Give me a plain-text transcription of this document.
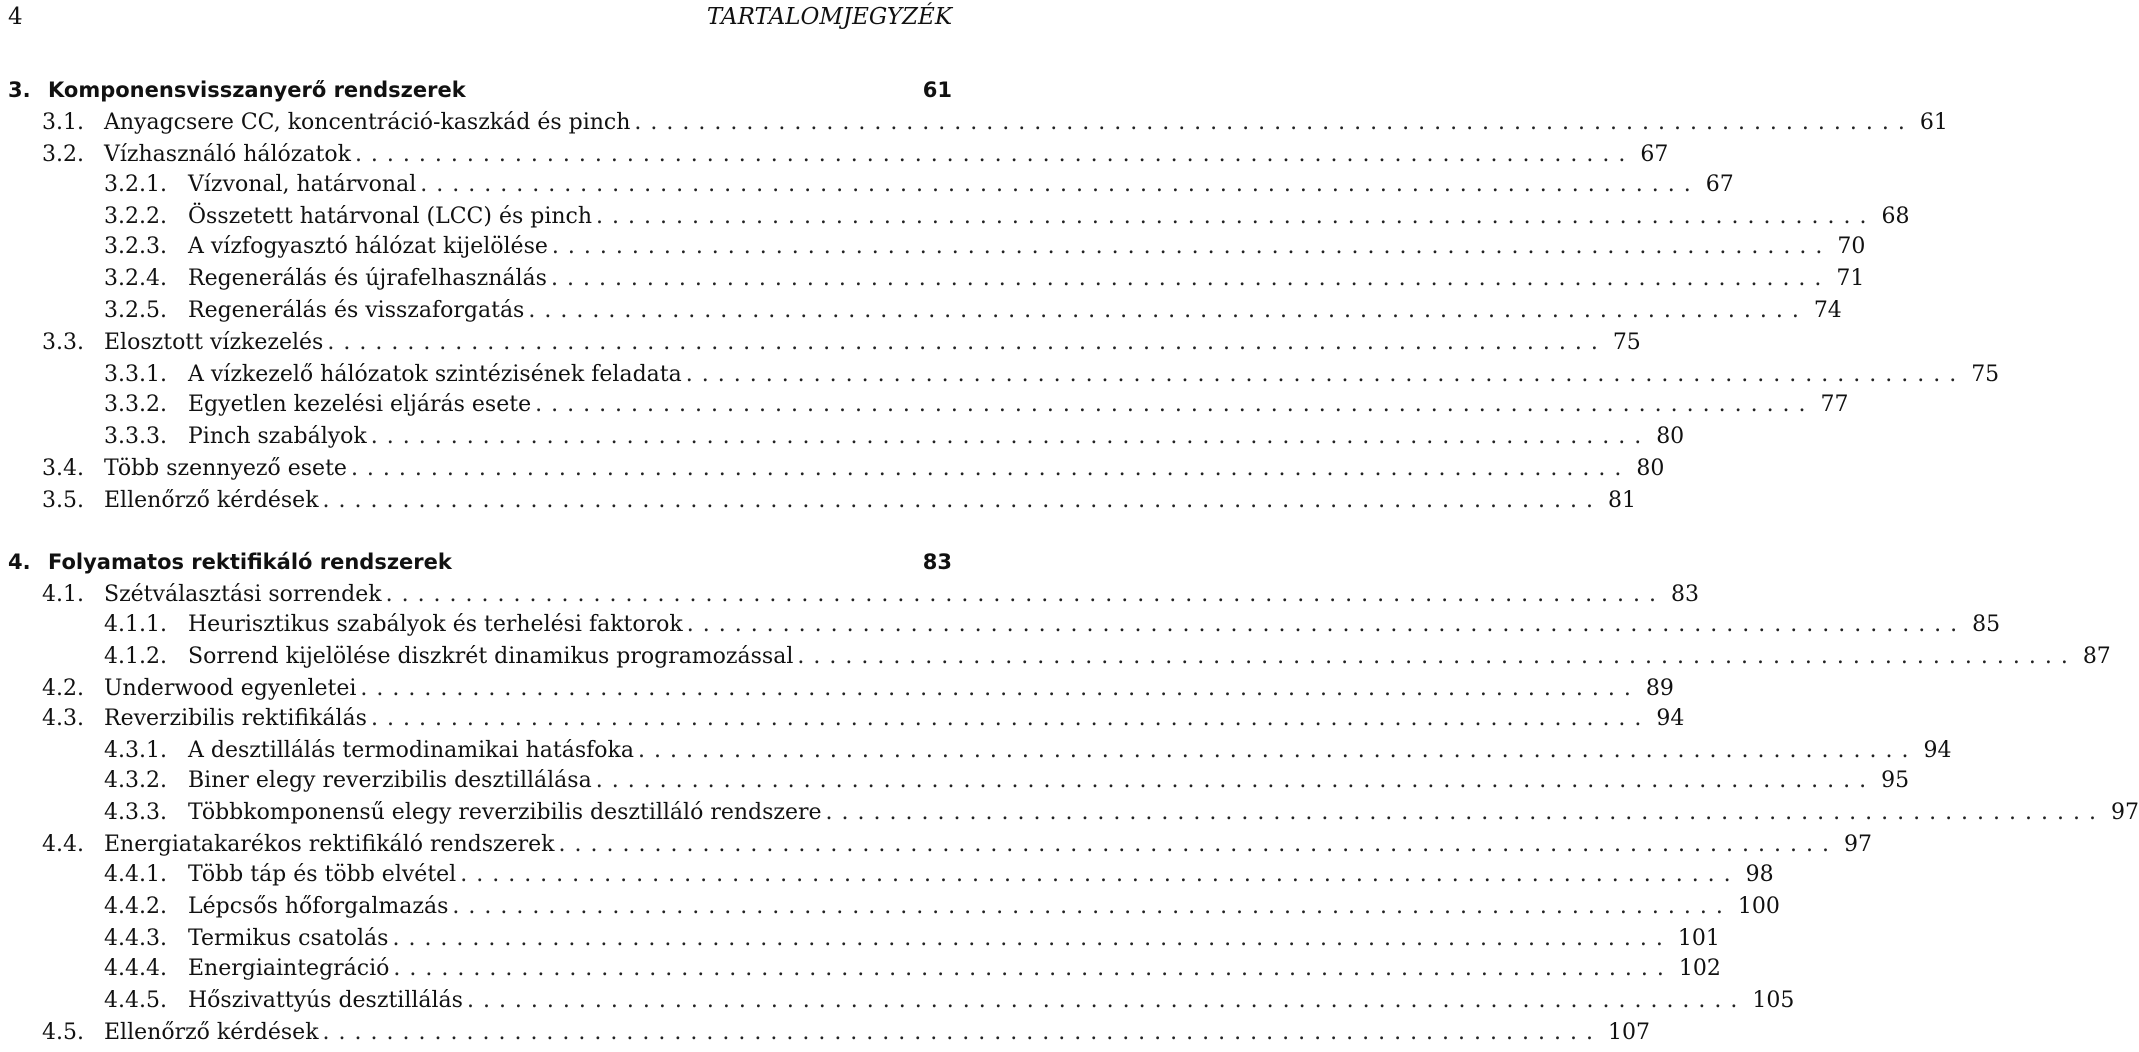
4	TARTALOMJEGYZÉK
3. Komponensvisszanyerő rendszerek	61
3.1. Anyagcsere CC, koncentráció-kaszkád és pinch ................................................................................ 61
3.2. Vízhasználó hálózatok ................................................................................ 67
3.2.1. Vízvonal, határvonal ................................................................................ 67
3.2.2. Összetett határvonal (LCC) és pinch ................................................................................ 68
3.2.3. A vízfogyasztó hálózat kijelölése ................................................................................ 70
3.2.4. Regenerálás és újrafelhasználás ................................................................................ 71
3.2.5. Regenerálás és visszaforgatás ................................................................................ 74
3.3. Elosztott vízkezelés ................................................................................ 75
3.3.1. A vízkezelő hálózatok szintézisének feladata ................................................................................ 75
3.3.2. Egyetlen kezelési eljárás esete ................................................................................ 77
3.3.3. Pinch szabályok ................................................................................ 80
3.4. Több szennyező esete ................................................................................ 80
3.5. Ellenőrző kérdések ................................................................................ 81
4. Folyamatos rektifikáló rendszerek	83
4.1. Szétválasztási sorrendek ................................................................................ 83
4.1.1. Heurisztikus szabályok és terhelési faktorok ................................................................................ 85
4.1.2. Sorrend kijelölése diszkrét dinamikus programozással ................................................................................ 87
4.2. Underwood egyenletei ................................................................................ 89
4.3. Reverzibilis rektifikálás ................................................................................ 94
4.3.1. A desztillálás termodinamikai hatásfoka ................................................................................ 94
4.3.2. Biner elegy reverzibilis desztillálása ................................................................................ 95
4.3.3. Többkomponensű elegy reverzibilis desztilláló rendszere ................................................................................ 97
4.4. Energiatakarékos rektifikáló rendszerek ................................................................................ 97
4.4.1. Több táp és több elvétel ................................................................................ 98
4.4.2. Lépcsős hőforgalmazás ................................................................................ 100
4.4.3. Termikus csatolás ................................................................................ 101
4.4.4. Energiaintegráció ................................................................................ 102
4.4.5. Hőszivattyús desztillálás ................................................................................ 105
4.5. Ellenőrző kérdések ................................................................................ 107
